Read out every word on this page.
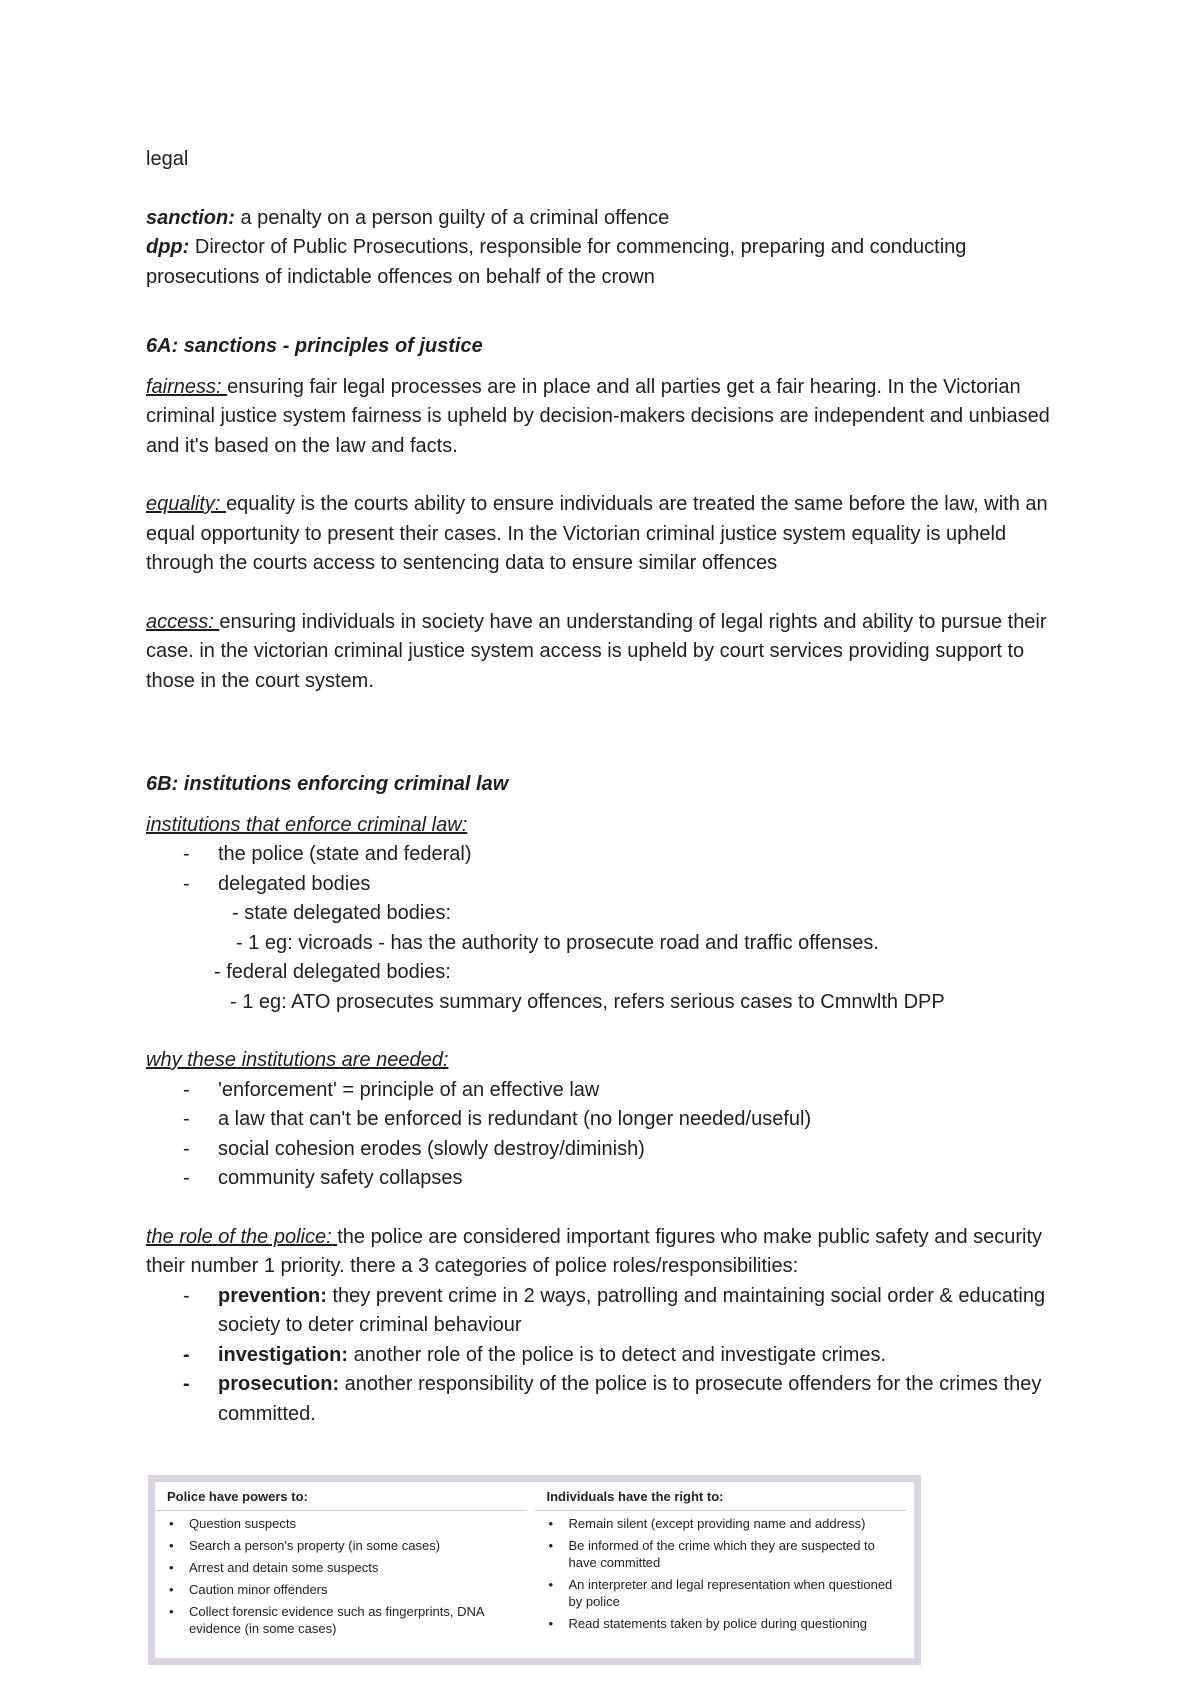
legal

sanction: a penalty on a person guilty of a criminal offence

dpp: Director of Public Prosecutions, responsible for commencing, preparing and conducting prosecutions of indictable offences on behalf of the crown

6A: sanctions - principles of justice

fairness: ensuring fair legal processes are in place and all parties get a fair hearing. In the Victorian criminal justice system fairness is upheld by decision-makers decisions are independent and unbiased and it's based on the law and facts.

equality: equality is the courts ability to ensure individuals are treated the same before the law, with an equal opportunity to present their cases. In the Victorian criminal justice system equality is upheld through the courts access to sentencing data to ensure similar offences

access: ensuring individuals in society have an understanding of legal rights and ability to pursue their case. in the victorian criminal justice system access is upheld by court services providing support to those in the court system.

6B: institutions enforcing criminal law

institutions that enforce criminal law:

- the police (state and federal)
- delegated bodies

- state delegated bodies:

- 1 eg: vicroads - has the authority to prosecute road and traffic offenses.

- federal delegated bodies:

- 1 eg: ATO prosecutes summary offences, refers serious cases to Cmnwlth DPP

why these institutions are needed:

- 'enforcement' = principle of an effective law
- a law that can't be enforced is redundant (no longer needed/useful)
- social cohesion erodes (slowly destroy/diminish)
- community safety collapses

the role of the police: the police are considered important figures who make public safety and security their number 1 priority. there a 3 categories of police roles/responsibilities:

- prevention: they prevent crime in 2 ways, patrolling and maintaining social order & educating society to deter criminal behaviour
- investigation: another role of the police is to detect and investigate crimes.
- prosecution: another responsibility of the police is to prosecute offenders for the crimes they committed.
Police have powers to:
• Question suspects
• Search a person's property (in some cases)
• Arrest and detain some suspects
• Caution minor offenders
• Collect forensic evidence such as fingerprints, DNA evidence (in some cases)
Individuals have the right to:
• Remain silent (except providing name and address)
• Be informed of the crime which they are suspected to have committed
• An interpreter and legal representation when questioned by police
• Read statements taken by police during questioning
